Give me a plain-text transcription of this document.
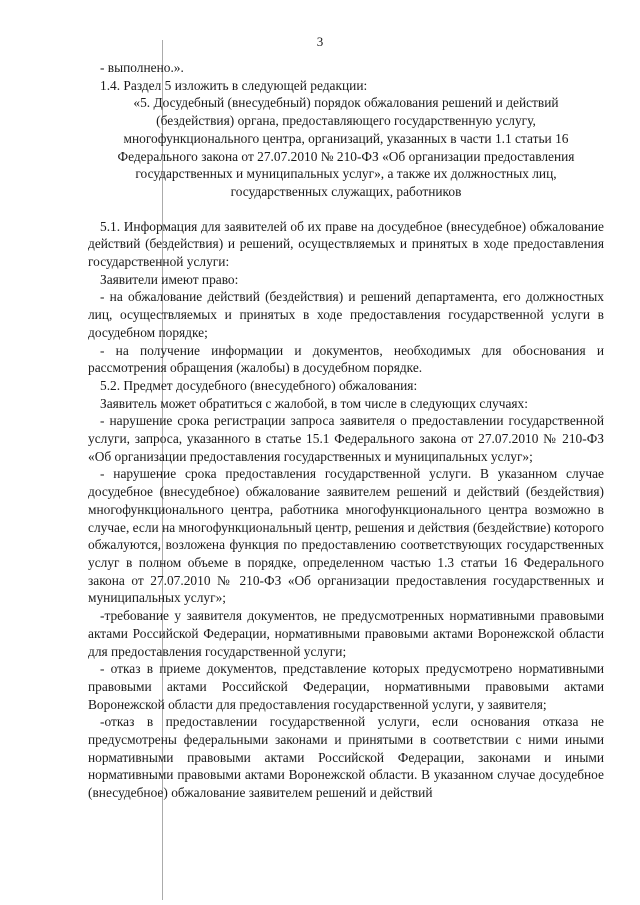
3

- выполнено.».

1.4. Раздел 5 изложить в следующей редакции:

«5. Досудебный (внесудебный) порядок обжалования решений и действий (бездействия) органа, предоставляющего государственную услугу, многофункционального центра, организаций, указанных в части 1.1 статьи 16 Федерального закона от 27.07.2010 № 210-ФЗ «Об организации предоставления государственных и муниципальных услуг», а также их должностных лиц, государственных служащих, работников

5.1. Информация для заявителей об их праве на досудебное (внесудебное) обжалование действий (бездействия) и решений, осуществляемых и принятых в ходе предоставления государственной услуги:

Заявители имеют право:

- на обжалование действий (бездействия) и решений департамента, его должностных лиц, осуществляемых и принятых в ходе предоставления государственной услуги в досудебном порядке;

- на получение информации и документов, необходимых для обоснования и рассмотрения обращения (жалобы) в досудебном порядке.

5.2. Предмет досудебного (внесудебного) обжалования:

Заявитель может обратиться с жалобой, в том числе в следующих случаях:

- нарушение срока регистрации запроса заявителя о предоставлении государственной услуги, запроса, указанного в статье 15.1 Федерального закона от 27.07.2010 № 210-ФЗ «Об организации предоставления государственных и муниципальных услуг»;

- нарушение срока предоставления государственной услуги. В указанном случае досудебное (внесудебное) обжалование заявителем решений и действий (бездействия) многофункционального центра, работника многофункционального центра возможно в случае, если на многофункциональный центр, решения и действия (бездействие) которого обжалуются, возложена функция по предоставлению соответствующих государственных услуг в полном объеме в порядке, определенном частью 1.3 статьи 16 Федерального закона от 27.07.2010 № 210-ФЗ «Об организации предоставления государственных и муниципальных услуг»;

-требование у заявителя документов, не предусмотренных нормативными правовыми актами Российской Федерации, нормативными правовыми актами Воронежской области для предоставления государственной услуги;

- отказ в приеме документов, представление которых предусмотрено нормативными правовыми актами Российской Федерации, нормативными правовыми актами Воронежской области для предоставления государственной услуги, у заявителя;

-отказ в предоставлении государственной услуги, если основания отказа не предусмотрены федеральными законами и принятыми в соответствии с ними иными нормативными правовыми актами Российской Федерации, законами и иными нормативными правовыми актами Воронежской области. В указанном случае досудебное (внесудебное) обжалование заявителем решений и действий
